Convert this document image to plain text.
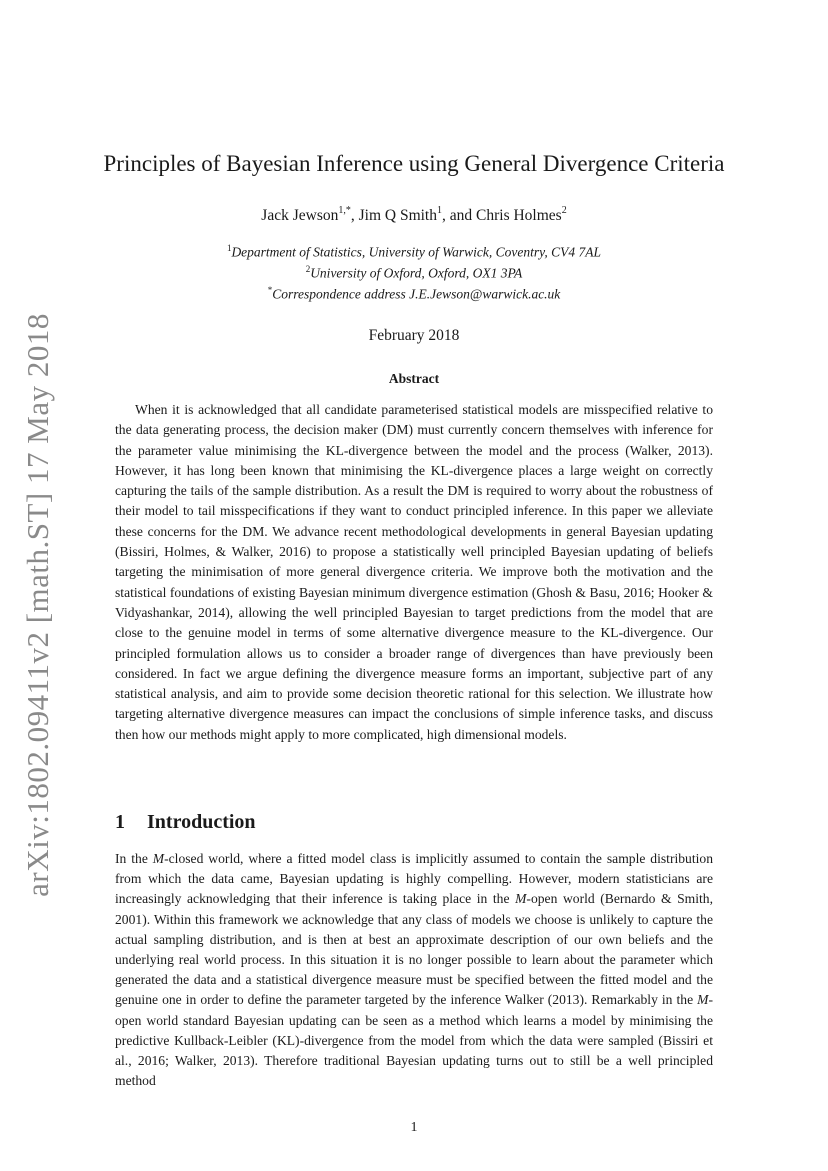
arXiv:1802.09411v2 [math.ST] 17 May 2018
Principles of Bayesian Inference using General Divergence Criteria
Jack Jewson$^{1,*}$, Jim Q Smith$^1$, and Chris Holmes$^2$
$^1$Department of Statistics, University of Warwick, Coventry, CV4 7AL
$^2$University of Oxford, Oxford, OX1 3PA
*Correspondence address J.E.Jewson@warwick.ac.uk
February 2018
Abstract

When it is acknowledged that all candidate parameterised statistical models are misspecified relative to the data generating process, the decision maker (DM) must currently concern themselves with inference for the parameter value minimising the KL-divergence between the model and the process (Walker, 2013). However, it has long been known that minimising the KL-divergence places a large weight on correctly capturing the tails of the sample distribution. As a result the DM is required to worry about the robustness of their model to tail misspecifications if they want to conduct principled inference. In this paper we alleviate these concerns for the DM. We advance recent methodological developments in general Bayesian updating (Bissiri, Holmes, & Walker, 2016) to propose a statistically well principled Bayesian updating of beliefs targeting the minimisation of more general divergence criteria. We improve both the motivation and the statistical foundations of existing Bayesian minimum divergence estimation (Ghosh & Basu, 2016; Hooker & Vidyashankar, 2014), allowing the well principled Bayesian to target predictions from the model that are close to the genuine model in terms of some alternative divergence measure to the KL-divergence. Our principled formulation allows us to consider a broader range of divergences than have previously been considered. In fact we argue defining the divergence measure forms an important, subjective part of any statistical analysis, and aim to provide some decision theoretic rational for this selection. We illustrate how targeting alternative divergence measures can impact the conclusions of simple inference tasks, and discuss then how our methods might apply to more complicated, high dimensional models.

1 Introduction

In the M-closed world, where a fitted model class is implicitly assumed to contain the sample distribution from which the data came, Bayesian updating is highly compelling. However, modern statisticians are increasingly acknowledging that their inference is taking place in the M-open world (Bernardo & Smith, 2001). Within this framework we acknowledge that any class of models we choose is unlikely to capture the actual sampling distribution, and is then at best an approximate description of our own beliefs and the underlying real world process. In this situation it is no longer possible to learn about the parameter which generated the data and a statistical divergence measure must be specified between the fitted model and the genuine one in order to define the parameter targeted by the inference Walker (2013). Remarkably in the M-open world standard Bayesian updating can be seen as a method which learns a model by minimising the predictive Kullback-Leibler (KL)-divergence from the model from which the data were sampled (Bissiri et al., 2016; Walker, 2013). Therefore traditional Bayesian updating turns out to still be a well principled method

1
